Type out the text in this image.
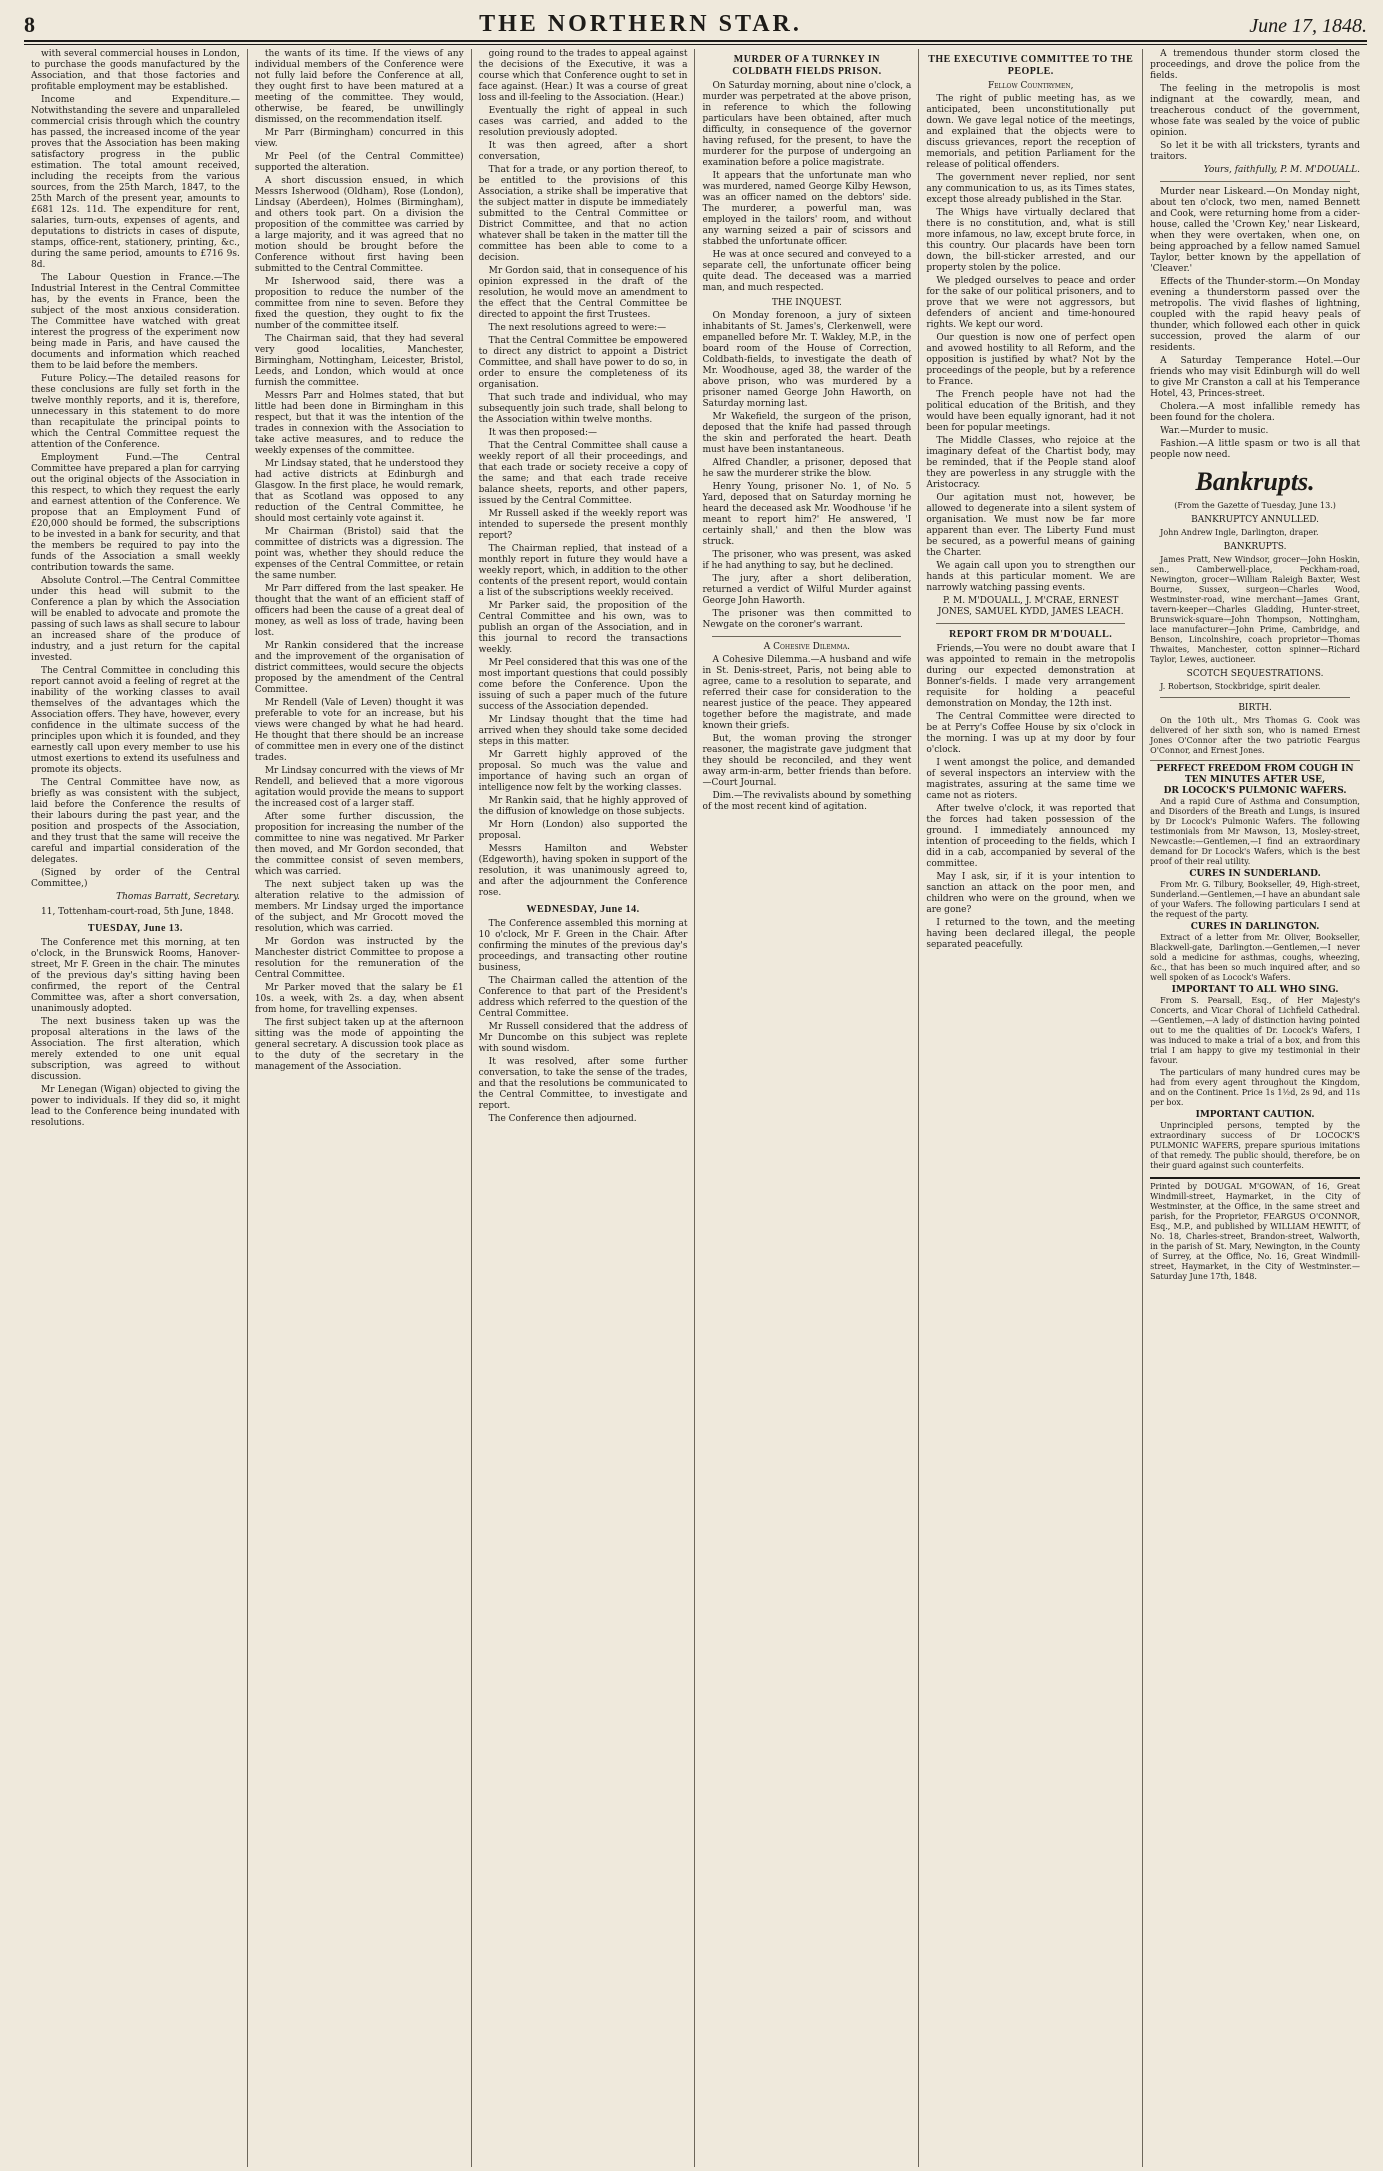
8	THE NORTHERN STAR.	June 17, 1848.

with several commercial houses in London, to purchase the goods manufactured by the Association, and that those factories and profitable employment may be established.

Income and Expenditure.—Notwithstanding the severe and unparalleled commercial crisis through which the country has passed, the increased income of the year proves that the Association has been making satisfactory progress in the public estimation. The total amount received, including the receipts from the various sources, from the 25th March, 1847, to the 25th March of the present year, amounts to £681 12s. 11d. The expenditure for rent, salaries, turn-outs, expenses of agents, and deputations to districts in cases of dispute, stamps, office-rent, stationery, printing, &c., during the same period, amounts to £716 9s. 8d.

The Labour Question in France.—The Industrial Interest in the Central Committee has, by the events in France, been the subject of the most anxious consideration. The Committee have watched with great interest the progress of the experiment now being made in Paris, and have caused the documents and information which reached them to be laid before the members.

Future Policy.—The detailed reasons for these conclusions are fully set forth in the twelve monthly reports, and it is, therefore, unnecessary in this statement to do more than recapitulate the principal points to which the Central Committee request the attention of the Conference.

Employment Fund.—The Central Committee have prepared a plan for carrying out the original objects of the Association in this respect, to which they request the early and earnest attention of the Conference. We propose that an Employment Fund of £20,000 should be formed, the subscriptions to be invested in a bank for security, and that the members be required to pay into the funds of the Association a small weekly contribution towards the same.

Absolute Control.—The Central Committee under this head will submit to the Conference a plan by which the Association will be enabled to advocate and promote the passing of such laws as shall secure to labour an increased share of the produce of industry, and a just return for the capital invested.

The Central Committee in concluding this report cannot avoid a feeling of regret at the inability of the working classes to avail themselves of the advantages which the Association offers. They have, however, every confidence in the ultimate success of the principles upon which it is founded, and they earnestly call upon every member to use his utmost exertions to extend its usefulness and promote its objects.

The Central Committee have now, as briefly as was consistent with the subject, laid before the Conference the results of their labours during the past year, and the position and prospects of the Association, and they trust that the same will receive the careful and impartial consideration of the delegates.

(Signed by order of the Central Committee,)

Thomas Barratt, Secretary.

11, Tottenham-court-road, 5th June, 1848.

TUESDAY, June 13.

The Conference met this morning, at ten o'clock, in the Brunswick Rooms, Hanover-street, Mr F. Green in the chair. The minutes of the previous day's sitting having been confirmed, the report of the Central Committee was, after a short conversation, unanimously adopted.

The next business taken up was the proposal alterations in the laws of the Association. The first alteration, which merely extended to one unit equal subscription, was agreed to without discussion.

Mr Lenegan (Wigan) objected to giving the power to individuals. If they did so, it might lead to the Conference being inundated with resolutions.

the wants of its time. If the views of any individual members of the Conference were not fully laid before the Conference at all, they ought first to have been matured at a meeting of the committee. They would, otherwise, be feared, be unwillingly dismissed, on the recommendation itself.

Mr Parr (Birmingham) concurred in this view.

Mr Peel (of the Central Committee) supported the alteration.

A short discussion ensued, in which Messrs Isherwood (Oldham), Rose (London), Lindsay (Aberdeen), Holmes (Birmingham), and others took part. On a division the proposition of the committee was carried by a large majority, and it was agreed that no motion should be brought before the Conference without first having been submitted to the Central Committee.

Mr Isherwood said, there was a proposition to reduce the number of the committee from nine to seven. Before they fixed the question, they ought to fix the number of the committee itself.

The Chairman said, that they had several very good localities, Manchester, Birmingham, Nottingham, Leicester, Bristol, Leeds, and London, which would at once furnish the committee.

Messrs Parr and Holmes stated, that but little had been done in Birmingham in this respect, but that it was the intention of the trades in connexion with the Association to take active measures, and to reduce the weekly expenses of the committee.

Mr Lindsay stated, that he understood they had active districts at Edinburgh and Glasgow. In the first place, he would remark, that as Scotland was opposed to any reduction of the Central Committee, he should most certainly vote against it.

Mr Chairman (Bristol) said that the committee of districts was a digression. The point was, whether they should reduce the expenses of the Central Committee, or retain the same number.

Mr Parr differed from the last speaker. He thought that the want of an efficient staff of officers had been the cause of a great deal of money, as well as loss of trade, having been lost.

Mr Rankin considered that the increase and the improvement of the organisation of district committees, would secure the objects proposed by the amendment of the Central Committee.

Mr Rendell (Vale of Leven) thought it was preferable to vote for an increase, but his views were changed by what he had heard. He thought that there should be an increase of committee men in every one of the distinct trades.

Mr Lindsay concurred with the views of Mr Rendell, and believed that a more vigorous agitation would provide the means to support the increased cost of a larger staff.

After some further discussion, the proposition for increasing the number of the committee to nine was negatived. Mr Parker then moved, and Mr Gordon seconded, that the committee consist of seven members, which was carried.

The next subject taken up was the alteration relative to the admission of members. Mr Lindsay urged the importance of the subject, and Mr Grocott moved the resolution, which was carried.

Mr Gordon was instructed by the Manchester district Committee to propose a resolution for the remuneration of the Central Committee.

Mr Parker moved that the salary be £1 10s. a week, with 2s. a day, when absent from home, for travelling expenses.

The first subject taken up at the afternoon sitting was the mode of appointing the general secretary. A discussion took place as to the duty of the secretary in the management of the Association.

going round to the trades to appeal against the decisions of the Executive, it was a course which that Conference ought to set in face against. (Hear.) It was a course of great loss and ill-feeling to the Association. (Hear.)

Eventually the right of appeal in such cases was carried, and added to the resolution previously adopted.

It was then agreed, after a short conversation,

That for a trade, or any portion thereof, to be entitled to the provisions of this Association, a strike shall be imperative that the subject matter in dispute be immediately submitted to the Central Committee or District Committee, and that no action whatever shall be taken in the matter till the committee has been able to come to a decision.

Mr Gordon said, that in consequence of his opinion expressed in the draft of the resolution, he would move an amendment to the effect that the Central Committee be directed to appoint the first Trustees.

The next resolutions agreed to were:—

That the Central Committee be empowered to direct any district to appoint a District Committee, and shall have power to do so, in order to ensure the completeness of its organisation.

That such trade and individual, who may subsequently join such trade, shall belong to the Association within twelve months.

It was then proposed:—

That the Central Committee shall cause a weekly report of all their proceedings, and that each trade or society receive a copy of the same; and that each trade receive balance sheets, reports, and other papers, issued by the Central Committee.

Mr Russell asked if the weekly report was intended to supersede the present monthly report?

The Chairman replied, that instead of a monthly report in future they would have a weekly report, which, in addition to the other contents of the present report, would contain a list of the subscriptions weekly received.

Mr Parker said, the proposition of the Central Committee and his own, was to publish an organ of the Association, and in this journal to record the transactions weekly.

Mr Peel considered that this was one of the most important questions that could possibly come before the Conference. Upon the issuing of such a paper much of the future success of the Association depended.

Mr Lindsay thought that the time had arrived when they should take some decided steps in this matter.

Mr Garrett highly approved of the proposal. So much was the value and importance of having such an organ of intelligence now felt by the working classes.

Mr Rankin said, that he highly approved of the diffusion of knowledge on those subjects.

Mr Horn (London) also supported the proposal.

Messrs Hamilton and Webster (Edgeworth), having spoken in support of the resolution, it was unanimously agreed to, and after the adjournment the Conference rose.

WEDNESDAY, June 14.

The Conference assembled this morning at 10 o'clock, Mr F. Green in the Chair. After confirming the minutes of the previous day's proceedings, and transacting other routine business,

The Chairman called the attention of the Conference to that part of the President's address which referred to the question of the Central Committee.

Mr Russell considered that the address of Mr Duncombe on this subject was replete with sound wisdom.

It was resolved, after some further conversation, to take the sense of the trades, and that the resolutions be communicated to the Central Committee, to investigate and report.

The Conference then adjourned.

MURDER OF A TURNKEY IN COLDBATH FIELDS PRISON.

On Saturday morning, about nine o'clock, a murder was perpetrated at the above prison, in reference to which the following particulars have been obtained, after much difficulty, in consequence of the governor having refused, for the present, to have the murderer for the purpose of undergoing an examination before a police magistrate.

It appears that the unfortunate man who was murdered, named George Kilby Hewson, was an officer named on the debtors' side. The murderer, a powerful man, was employed in the tailors' room, and without any warning seized a pair of scissors and stabbed the unfortunate officer.

He was at once secured and conveyed to a separate cell, the unfortunate officer being quite dead. The deceased was a married man, and much respected.

THE INQUEST.

On Monday forenoon, a jury of sixteen inhabitants of St. James's, Clerkenwell, were empanelled before Mr. T. Wakley, M.P., in the board room of the House of Correction, Coldbath-fields, to investigate the death of Mr. Woodhouse, aged 38, the warder of the above prison, who was murdered by a prisoner named George John Haworth, on Saturday morning last.

Mr Wakefield, the surgeon of the prison, deposed that the knife had passed through the skin and perforated the heart. Death must have been instantaneous.

Alfred Chandler, a prisoner, deposed that he saw the murderer strike the blow.

Henry Young, prisoner No. 1, of No. 5 Yard, deposed that on Saturday morning he heard the deceased ask Mr. Woodhouse 'if he meant to report him?' He answered, 'I certainly shall,' and then the blow was struck.

The prisoner, who was present, was asked if he had anything to say, but he declined.

The jury, after a short deliberation, returned a verdict of Wilful Murder against George John Haworth.

The prisoner was then committed to Newgate on the coroner's warrant.

A Cohesive Dilemma.

A Cohesive Dilemma.—A husband and wife in St. Denis-street, Paris, not being able to agree, came to a resolution to separate, and referred their case for consideration to the nearest justice of the peace. They appeared together before the magistrate, and made known their griefs.

But, the woman proving the stronger reasoner, the magistrate gave judgment that they should be reconciled, and they went away arm-in-arm, better friends than before.—Court Journal.

Dim.—The revivalists abound by something of the most recent kind of agitation.

THE EXECUTIVE COMMITTEE TO THE PEOPLE.

Fellow Countrymen,

The right of public meeting has, as we anticipated, been unconstitutionally put down. We gave legal notice of the meetings, and explained that the objects were to discuss grievances, report the reception of memorials, and petition Parliament for the release of political offenders.

The government never replied, nor sent any communication to us, as its Times states, except those already published in the Star.

The Whigs have virtually declared that there is no constitution, and, what is still more infamous, no law, except brute force, in this country. Our placards have been torn down, the bill-sticker arrested, and our property stolen by the police.

We pledged ourselves to peace and order for the sake of our political prisoners, and to prove that we were not aggressors, but defenders of ancient and time-honoured rights. We kept our word.

Our question is now one of perfect open and avowed hostility to all Reform, and the opposition is justified by what? Not by the proceedings of the people, but by a reference to France.

The French people have not had the political education of the British, and they would have been equally ignorant, had it not been for popular meetings.

The Middle Classes, who rejoice at the imaginary defeat of the Chartist body, may be reminded, that if the People stand aloof they are powerless in any struggle with the Aristocracy.

Our agitation must not, however, be allowed to degenerate into a silent system of organisation. We must now be far more apparent than ever. The Liberty Fund must be secured, as a powerful means of gaining the Charter.

We again call upon you to strengthen our hands at this particular moment. We are narrowly watching passing events.

P. M. M'DOUALL, J. M'CRAE, ERNEST JONES, SAMUEL KYDD, JAMES LEACH.

REPORT FROM DR M'DOUALL.

Friends,—You were no doubt aware that I was appointed to remain in the metropolis during our expected demonstration at Bonner's-fields. I made very arrangement requisite for holding a peaceful demonstration on Monday, the 12th inst.

The Central Committee were directed to be at Perry's Coffee House by six o'clock in the morning. I was up at my door by four o'clock.

I went amongst the police, and demanded of several inspectors an interview with the magistrates, assuring at the same time we came not as rioters.

After twelve o'clock, it was reported that the forces had taken possession of the ground. I immediately announced my intention of proceeding to the fields, which I did in a cab, accompanied by several of the committee.

May I ask, sir, if it is your intention to sanction an attack on the poor men, and children who were on the ground, when we are gone?

I returned to the town, and the meeting having been declared illegal, the people separated peacefully.

A tremendous thunder storm closed the proceedings, and drove the police from the fields.

The feeling in the metropolis is most indignant at the cowardly, mean, and treacherous conduct of the government, whose fate was sealed by the voice of public opinion.

So let it be with all tricksters, tyrants and traitors.

Yours, faithfully, P. M. M'DOUALL.

Murder near Liskeard.—On Monday night, about ten o'clock, two men, named Bennett and Cook, were returning home from a cider-house, called the 'Crown Key,' near Liskeard, when they were overtaken, when one, on being approached by a fellow named Samuel Taylor, better known by the appellation of 'Cleaver.'

Effects of the Thunder-storm.—On Monday evening a thunderstorm passed over the metropolis. The vivid flashes of lightning, coupled with the rapid heavy peals of thunder, which followed each other in quick succession, proved the alarm of our residents.

A Saturday Temperance Hotel.—Our friends who may visit Edinburgh will do well to give Mr Cranston a call at his Temperance Hotel, 43, Princes-street.

Cholera.—A most infallible remedy has been found for the cholera.

War.—Murder to music.

Fashion.—A little spasm or two is all that people now need.

Bankrupts.

(From the Gazette of Tuesday, June 13.)

BANKRUPTCY ANNULLED.

John Andrew Ingle, Darlington, draper.

BANKRUPTS.

James Pratt, New Windsor, grocer—John Hoskin, sen., Camberwell-place, Peckham-road, Newington, grocer—William Raleigh Baxter, West Bourne, Sussex, surgeon—Charles Wood, Westminster-road, wine merchant—James Grant, tavern-keeper—Charles Gladding, Hunter-street, Brunswick-square—John Thompson, Nottingham, lace manufacturer—John Prime, Cambridge, and Benson, Lincolnshire, coach proprietor—Thomas Thwaites, Manchester, cotton spinner—Richard Taylor, Lewes, auctioneer.

SCOTCH SEQUESTRATIONS.

J. Robertson, Stockbridge, spirit dealer.

BIRTH.

On the 10th ult., Mrs Thomas G. Cook was delivered of her sixth son, who is named Ernest Jones O'Connor after the two patriotic Feargus O'Connor, and Ernest Jones.

PERFECT FREEDOM FROM COUGH IN TEN MINUTES AFTER USE,
DR LOCOCK'S PULMONIC WAFERS.

And a rapid Cure of Asthma and Consumption, and Disorders of the Breath and Lungs, is insured by Dr Locock's Pulmonic Wafers. The following testimonials from Mr Mawson, 13, Mosley-street, Newcastle:—Gentlemen,—I find an extraordinary demand for Dr Locock's Wafers, which is the best proof of their real utility.

CURES IN SUNDERLAND.

From Mr. G. Tilbury, Bookseller, 49, High-street, Sunderland.—Gentlemen,—I have an abundant sale of your Wafers. The following particulars I send at the request of the party.

CURES IN DARLINGTON.

Extract of a letter from Mr. Oliver, Bookseller, Blackwell-gate, Darlington.—Gentlemen,—I never sold a medicine for asthmas, coughs, wheezing, &c., that has been so much inquired after, and so well spoken of as Locock's Wafers.

IMPORTANT TO ALL WHO SING.

From S. Pearsall, Esq., of Her Majesty's Concerts, and Vicar Choral of Lichfield Cathedral.—Gentlemen,—A lady of distinction having pointed out to me the qualities of Dr. Locock's Wafers, I was induced to make a trial of a box, and from this trial I am happy to give my testimonial in their favour.

The particulars of many hundred cures may be had from every agent throughout the Kingdom, and on the Continent. Price 1s 1½d, 2s 9d, and 11s per box.

IMPORTANT CAUTION.

Unprincipled persons, tempted by the extraordinary success of Dr LOCOCK'S PULMONIC WAFERS, prepare spurious imitations of that remedy. The public should, therefore, be on their guard against such counterfeits.

Printed by DOUGAL M'GOWAN, of 16, Great Windmill-street, Haymarket, in the City of Westminster, at the Office, in the same street and parish, for the Proprietor, FEARGUS O'CONNOR, Esq., M.P., and published by WILLIAM HEWITT, of No. 18, Charles-street, Brandon-street, Walworth, in the parish of St. Mary, Newington, in the County of Surrey, at the Office, No. 16, Great Windmill-street, Haymarket, in the City of Westminster.—Saturday June 17th, 1848.
